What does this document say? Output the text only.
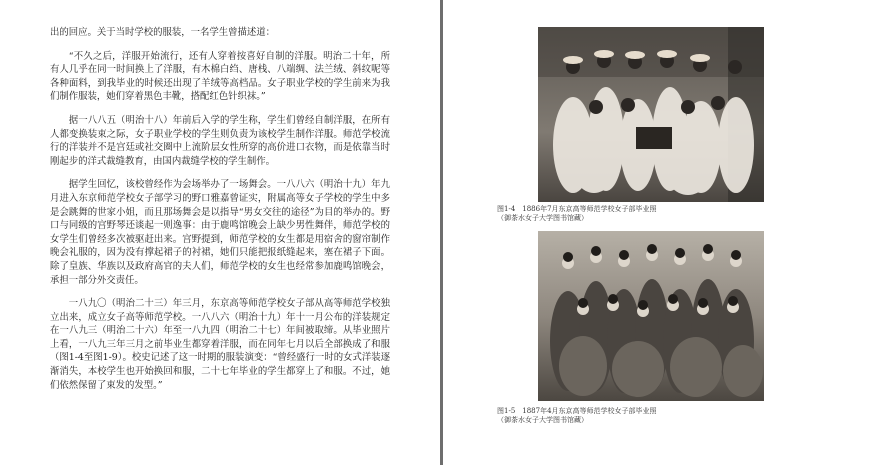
出的回应。关于当时学校的服装，一名学生曾描述道：

“不久之后，洋服开始流行，还有人穿着按喜好自制的洋服。明治二十年，所有人几乎在同一时间换上了洋服，有木棉白绉、唐栈、八端绸、法兰绒、斜纹呢等各种面料，到我毕业的时候还出现了羊绒等高档品。女子职业学校的学生前来为我们制作服装，她们穿着黑色丰靴，搭配红色针织袜。”

据一八八五（明治十八）年前后入学的学生称，学生们曾经自制洋服，在所有人都变换装束之际，女子职业学校的学生则负责为该校学生制作洋服。师范学校流行的洋装并不是宫廷或社交圈中上流阶层女性所穿的高价进口衣物，而是依靠当时刚起步的洋式裁缝教育，由国内裁缝学校的学生制作。

据学生回忆，该校曾经作为会场举办了一场舞会。一八八六（明治十九）年九月进入东京师范学校女子部学习的野口雅嘉曾证实，附属高等女子学校的学生中多是会跳舞的世家小姐，而且那场舞会是以指导“男女交往的途径”为目的举办的。野口与同级的宫野琴还谈起一则逸事：由于鹿鸣馆晚会上缺少男性舞伴，师范学校的女学生们曾经多次被驱赶出来。宫野提到，师范学校的女生都是用宿舍的窗帘制作晚会礼服的，因为没有撑起裙子的衬裙，她们只能把报纸缝起来，塞在裙子下面。除了皇族、华族以及政府高官的夫人们，师范学校的女生也经常参加鹿鸣馆晚会，承担一部分外交责任。

一八九〇（明治二十三）年三月，东京高等师范学校女子部从高等师范学校独立出来，成立女子高等师范学校。一八八六（明治十九）年十一月公布的洋装规定在一八九三（明治二十六）年至一八九四（明治二十七）年间被取缔。从毕业照片上看，一八九三年三月之前毕业生都穿着洋服，而在同年七月以后全部换成了和服（图1-4至图1-9）。校史记述了这一时期的服装演变：“曾经盛行一时的女式洋装逐渐消失，本校学生也开始换回和服，二十七年毕业的学生都穿上了和服。不过，她们依然保留了束发的发型。”

图1-4　1886年7月东京高等师范学校女子部毕业照
（御茶水女子大学图书馆藏）
图1-5　1887年4月东京高等师范学校女子部毕业照
（御茶水女子大学图书馆藏）
